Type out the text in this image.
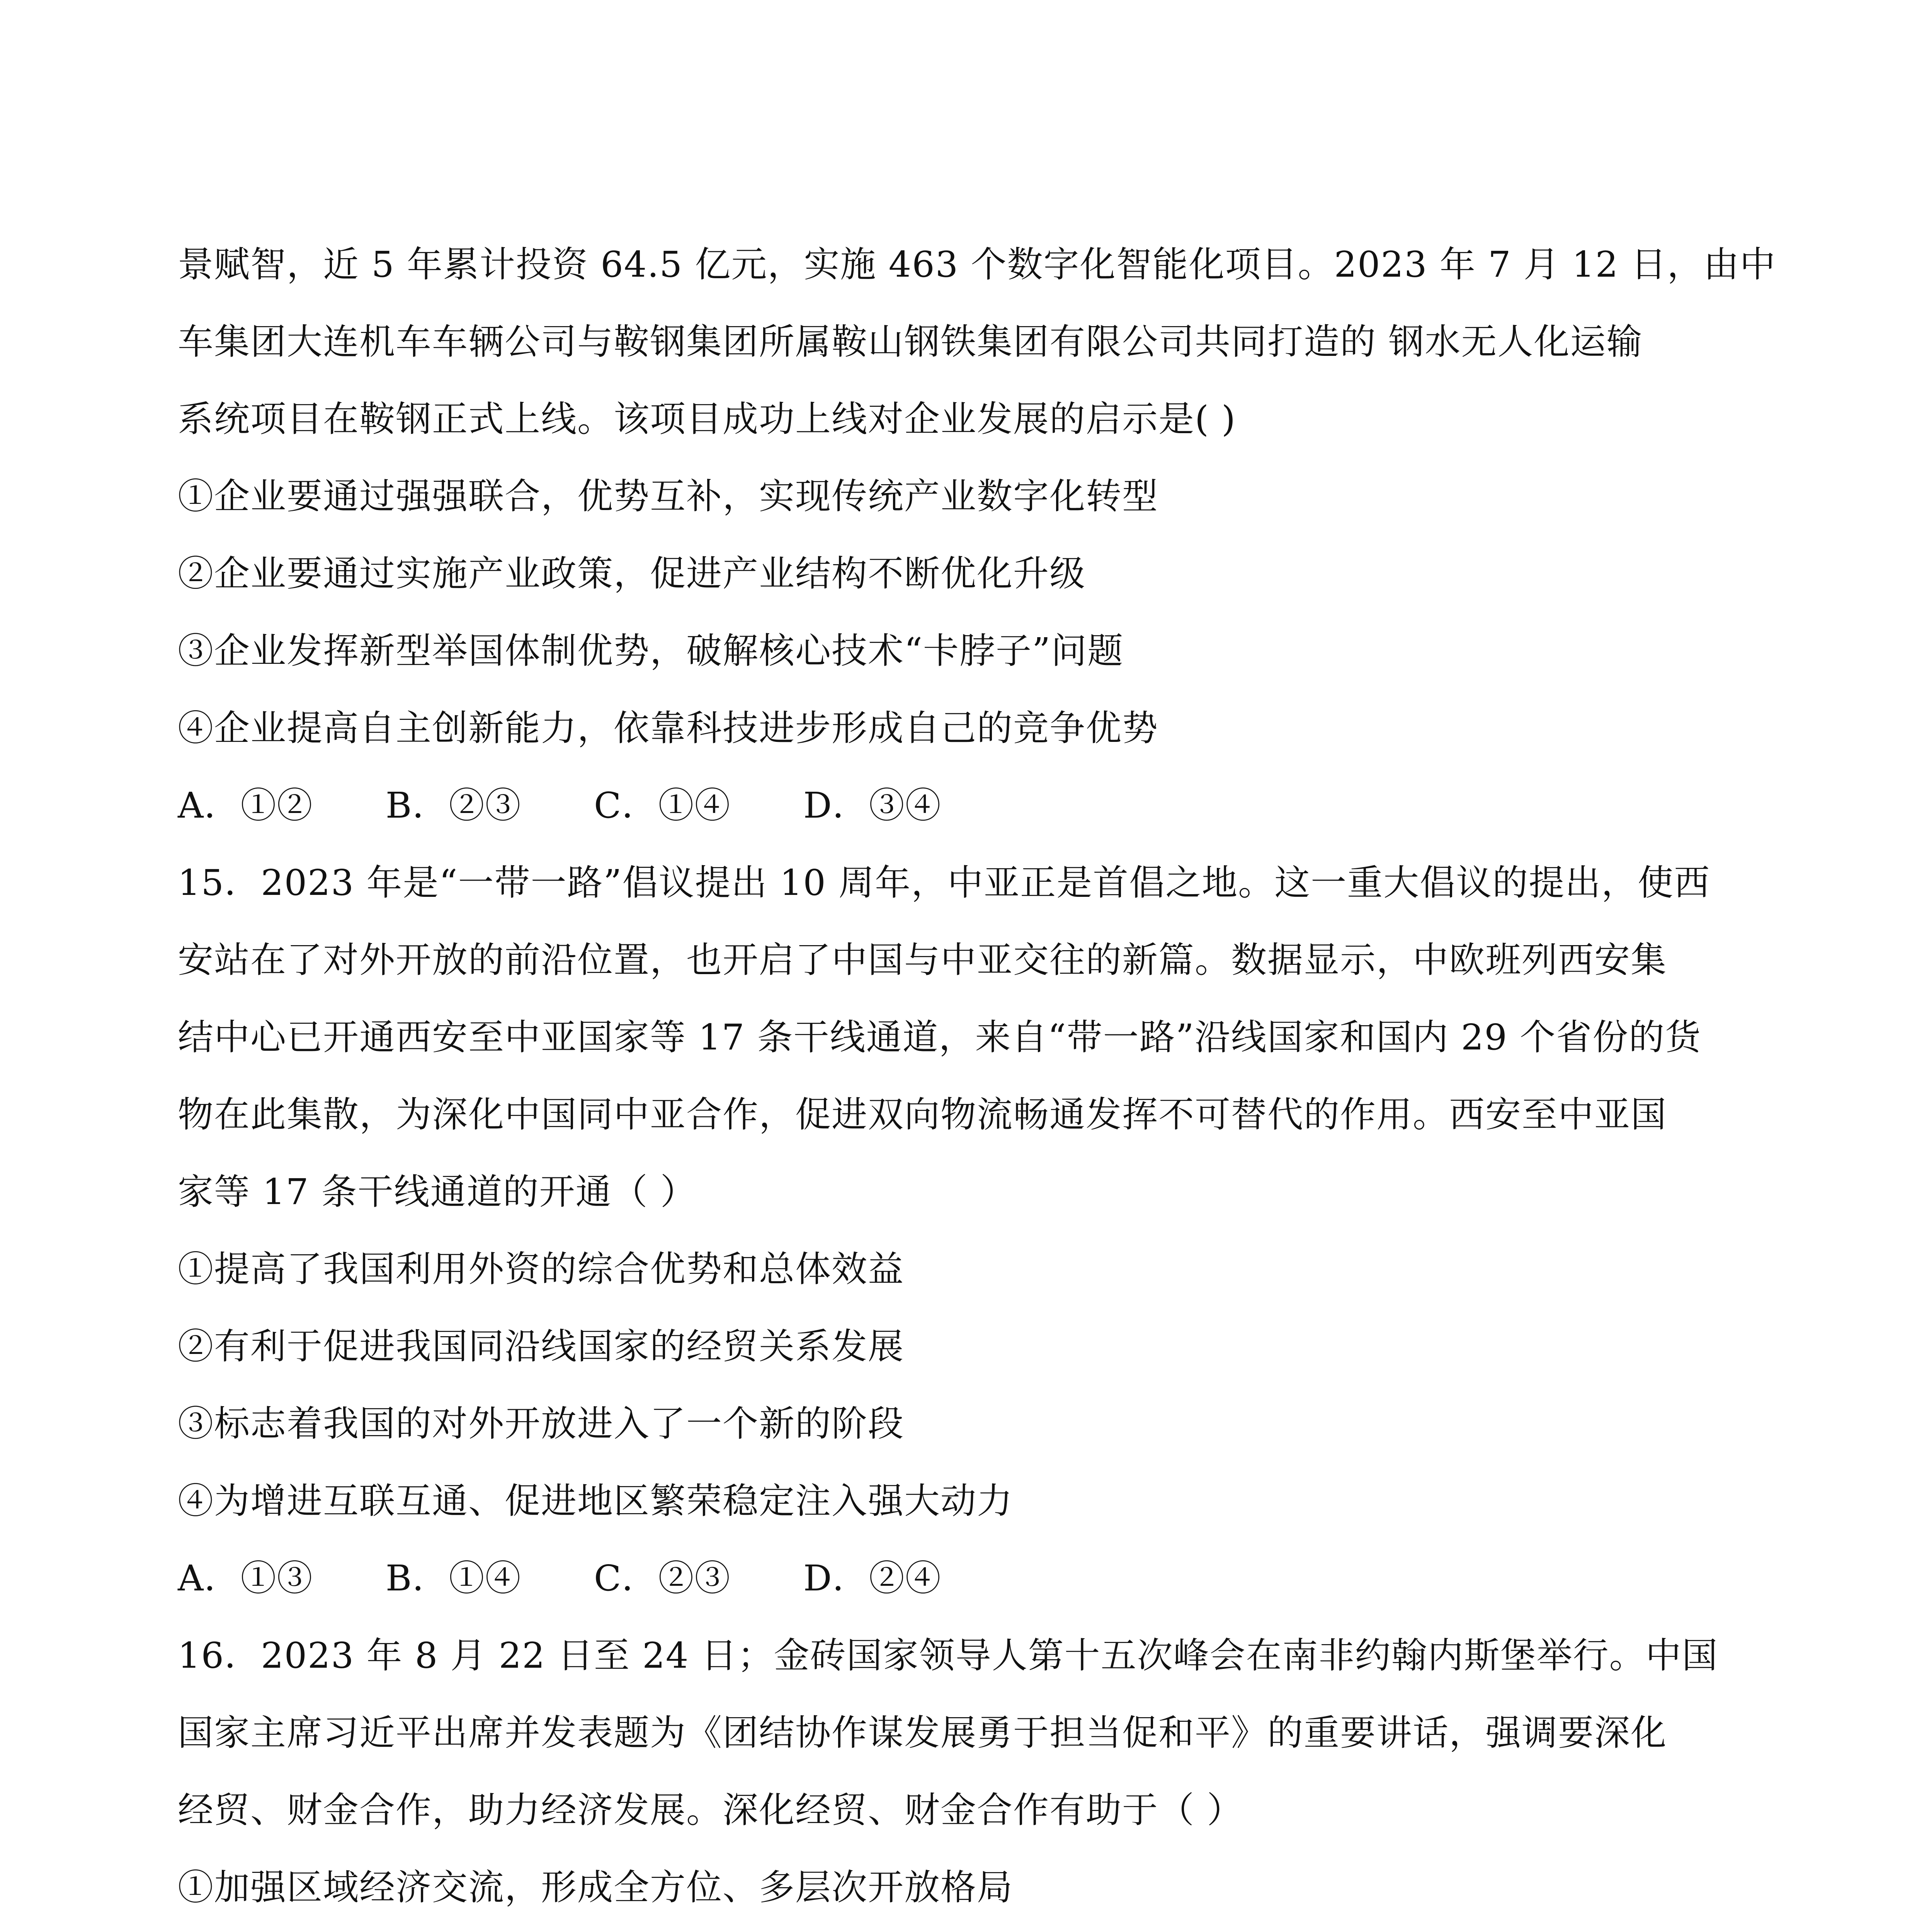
景赋智，近 5 年累计投资 64.5 亿元，实施 463 个数字化智能化项目。2023 年 7 月 12 日，由中
车集团大连机车车辆公司与鞍钢集团所属鞍山钢铁集团有限公司共同打造的 钢水无人化运输
系统项目在鞍钢正式上线。该项目成功上线对企业发展的启示是( )
①企业要通过强强联合，优势互补，实现传统产业数字化转型
②企业要通过实施产业政策，促进产业结构不断优化升级
③企业发挥新型举国体制优势，破解核心技术“卡脖子”问题
④企业提高自主创新能力，依靠科技进步形成自己的竞争优势
A．①②      B．②③      C．①④      D．③④
15．2023 年是“一带一路”倡议提出 10 周年，中亚正是首倡之地。这一重大倡议的提出，使西
安站在了对外开放的前沿位置，也开启了中国与中亚交往的新篇。数据显示，中欧班列西安集
结中心已开通西安至中亚国家等 17 条干线通道，来自“带一路”沿线国家和国内 29 个省份的货
物在此集散，为深化中国同中亚合作，促进双向物流畅通发挥不可替代的作用。西安至中亚国
家等 17 条干线通道的开通（ ）
①提高了我国利用外资的综合优势和总体效益
②有利于促进我国同沿线国家的经贸关系发展
③标志着我国的对外开放进入了一个新的阶段
④为增进互联互通、促进地区繁荣稳定注入强大动力
A．①③      B．①④      C．②③      D．②④
16．2023 年 8 月 22 日至 24 日；金砖国家领导人第十五次峰会在南非约翰内斯堡举行。中国
国家主席习近平出席并发表题为《团结协作谋发展勇于担当促和平》的重要讲话，强调要深化
经贸、财金合作，助力经济发展。深化经贸、财金合作有助于（ ）
①加强区域经济交流，形成全方位、多层次开放格局
